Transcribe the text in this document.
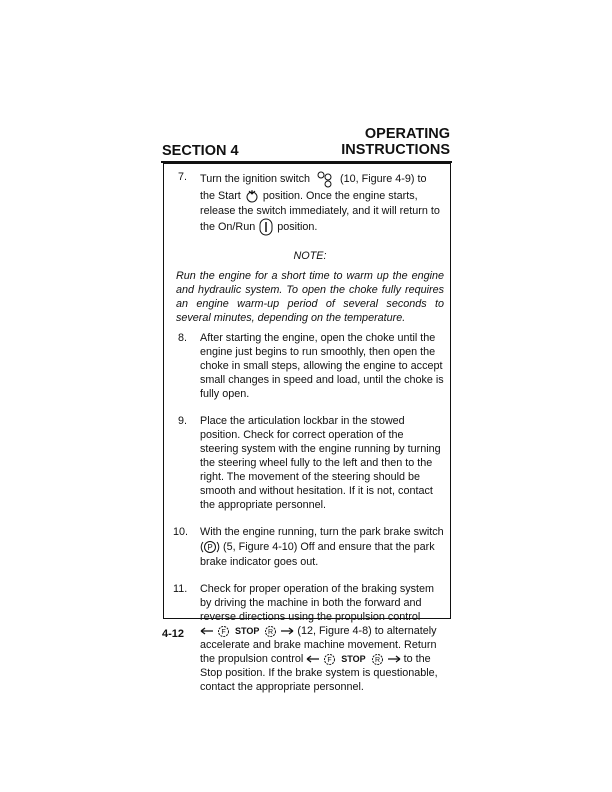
OPERATING
INSTRUCTIONS
SECTION 4
7. Turn the ignition switch	(10, Figure 4-9) to the Start position. Once the engine starts, release the switch immediately, and it will return to the On/Run position.
NOTE:
Run the engine for a short time to warm up the engine and hydraulic system. To open the choke fully requires an engine warm-up period of several seconds to several minutes, depending on the temperature.
8. After starting the engine, open the choke until the engine just begins to run smoothly, then open the choke in small steps, allowing the engine to accept small changes in speed and load, until the choke is fully open.
9. Place the articulation lockbar in the stowed position. Check for correct operation of the steering system with the engine running by turning the steering wheel fully to the left and then to the right. The movement of the steering should be smooth and without hesitation. If it is not, contact the appropriate personnel.
10. With the engine running, turn the park brake switch
P (5, Figure 4-10) Off and ensure that the park brake indicator goes out.
11. Check for proper operation of the braking system by driving the machine in both the forward and reverse directions using the propulsion control
F STOP R (12, Figure 4-8) to alternately accelerate and brake machine movement. Return the propulsion control	F STOP R to the Stop position. If the brake system is questionable, contact the appropriate personnel.
4-12
